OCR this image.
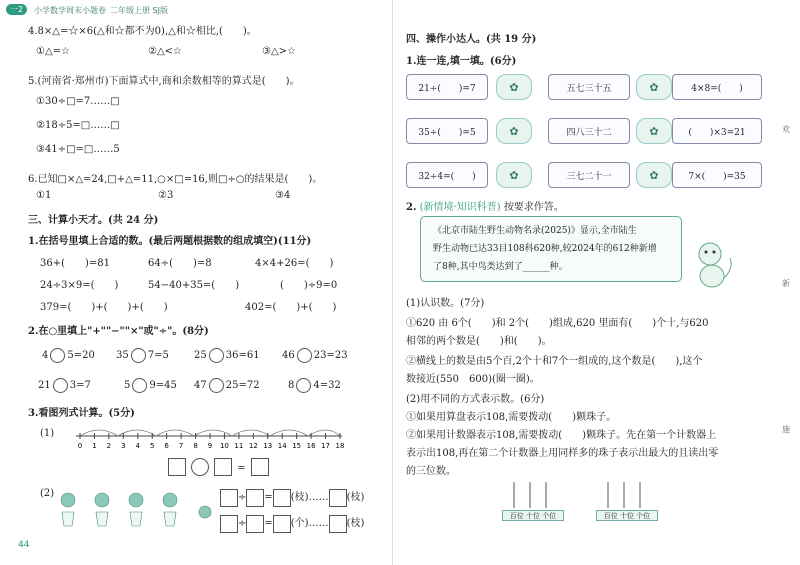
一2	小学数学周末小题卷 二年级上册 SJ版
4.8×△=☆×6(△和☆都不为0),△和☆相比,(　　)。
①△=☆	②△<☆	③△>☆
5.(河南省·郑州市)下面算式中,商和余数相等的算式是(　　)。
①30÷□=7……□
②18÷5=□……□
③41÷□=□……5
6.已知□×△=24,□+△=11,○×□=16,则□÷○的结果是(　　)。
①1	②3	③4
三、计算小天才。(共 24 分)
1.在括号里填上合适的数。(最后两题根据数的组成填空)(11分)
36+(　　)=81	64÷(　　)=8	4×4+26=(　　)
24÷3×9=(　　)	54−40+35=(　　)	(　　)÷9=0
379=(　　)+(　　)+(　　)	402=(　　)+(　　)
2.在○里填上"+""−""×"或"÷"。(8分)
4 5=20 35 7=5	25 36=61 46 23=23
21 3=7	5 9=45 47 25=72	8 4=32
3.看图列式计算。(5分)
(1)
0 1 2 3 4 5 6 7 8 9 10 11 12 13 14 15 16 17 18
=
(2)	÷ = (枝)…… (枝)
÷ = (个)…… (枝)
44
四、操作小达人。(共 19 分)
1.连一连,填一填。(6分)
21÷(　　)=7
35÷(　　)=5
32÷4=(　　)
✿
✿
✿
五七三十五
四八三十二
三七二十一
✿
✿
✿
4×8=(　　)
(　　)×3=21
7×(　　)=35
2. (新情境·知识科普) 按要求作答。
《北京市陆生野生动物名录(2025)》显示,全市陆生
野生动物已达33目108科620种,较2024年的612种新增
了8种,其中鸟类达到了______种。
(1)认识数。(7分)
①620 由 6个(　　)和 2个(　　)组成,620 里面有(　　)个十,与620
相邻的两个数是(　　)和(　　)。
②横线上的数是由5个百,2个十和7个一组成的,这个数是(　　),这个
数接近(550　600)(圈一圈)。
(2)用不同的方式表示数。(6分)
①如果用算盘表示108,需要拨动(　　)颗珠子。
②如果用计数器表示108,需要拨动(　　)颗珠子。先在第一个计数器上
表示出108,再在第二个计数器上用同样多的珠子表示出最大的且读出零
的三位数。
百位 十位 个位	百位 十位 个位
欢
新
施
